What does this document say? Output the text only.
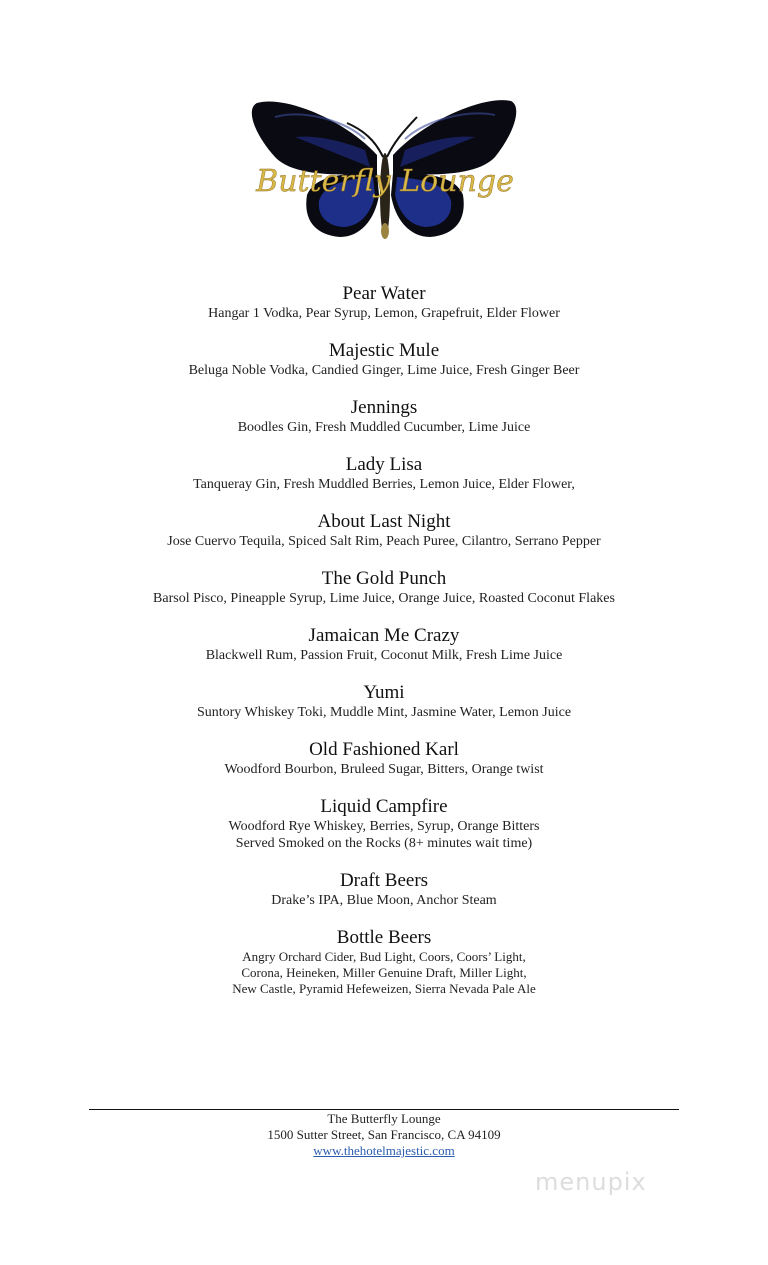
Butterfly Lounge
Pear Water
Hangar 1 Vodka, Pear Syrup, Lemon, Grapefruit, Elder Flower
Majestic Mule
Beluga Noble Vodka, Candied Ginger, Lime Juice, Fresh Ginger Beer
Jennings
Boodles Gin, Fresh Muddled Cucumber, Lime Juice
Lady Lisa
Tanqueray Gin, Fresh Muddled Berries, Lemon Juice, Elder Flower,
About Last Night
Jose Cuervo Tequila, Spiced Salt Rim, Peach Puree, Cilantro, Serrano Pepper
The Gold Punch
Barsol Pisco, Pineapple Syrup, Lime Juice, Orange Juice, Roasted Coconut Flakes
Jamaican Me Crazy
Blackwell Rum, Passion Fruit, Coconut Milk, Fresh Lime Juice
Yumi
Suntory Whiskey Toki, Muddle Mint, Jasmine Water, Lemon Juice
Old Fashioned Karl
Woodford Bourbon, Bruleed Sugar, Bitters, Orange twist
Liquid Campfire
Woodford Rye Whiskey, Berries, Syrup, Orange Bitters
Served Smoked on the Rocks (8+ minutes wait time)
Draft Beers
Drake’s IPA, Blue Moon, Anchor Steam
Bottle Beers
Angry Orchard Cider, Bud Light, Coors, Coors’ Light,
Corona, Heineken, Miller Genuine Draft, Miller Light,
New Castle, Pyramid Hefeweizen, Sierra Nevada Pale Ale
The Butterfly Lounge
1500 Sutter Street, San Francisco, CA 94109
www.thehotelmajestic.com
menupix
